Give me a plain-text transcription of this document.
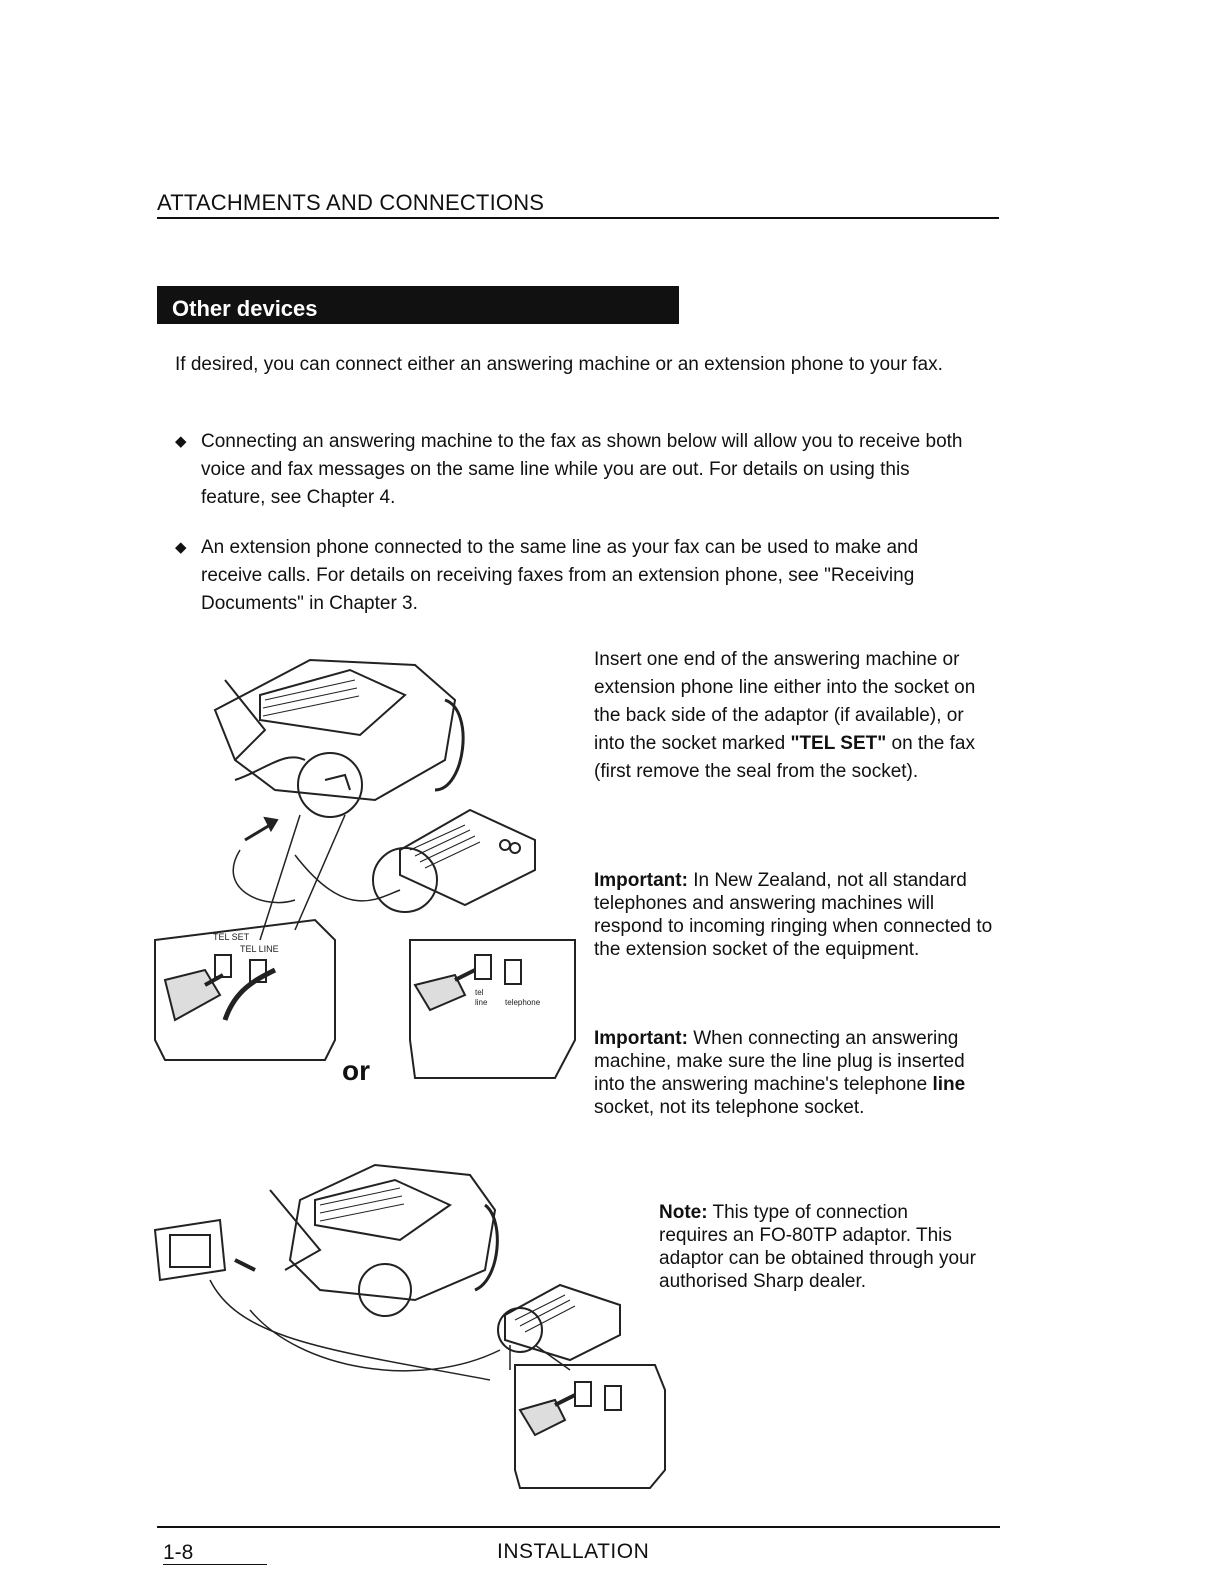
ATTACHMENTS AND CONNECTIONS
Other devices
If desired, you can connect either an answering machine or an extension phone to your fax.
◆ Connecting an answering machine to the fax as shown below will allow you to receive both voice and fax messages on the same line while you are out. For details on using this feature, see Chapter 4.
◆ An extension phone connected to the same line as your fax can be used to make and receive calls. For details on receiving faxes from an extension phone, see "Receiving Documents" in Chapter 3.
Insert one end of the answering machine or extension phone line either into the socket on the back side of the adaptor (if available), or into the socket marked "TEL SET" on the fax (first remove the seal from the socket).
Important: In New Zealand, not all standard telephones and answering machines will respond to incoming ringing when connected to the extension socket of the equipment.
Important: When connecting an answering machine, make sure the line plug is inserted into the answering machine's telephone line socket, not its telephone socket.
Note: This type of connection requires an FO-80TP adaptor. This adaptor can be obtained through your authorised Sharp dealer.
TEL SET
TEL LINE
tel
line telephone
or
1-8	INSTALLATION
